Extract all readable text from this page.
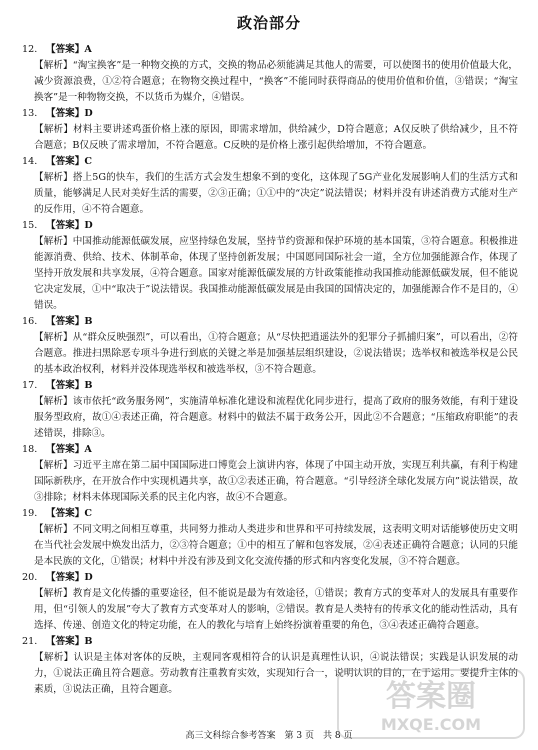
政治部分
12. 【答案】A
【解析】“淘宝换客”是一种物交换的方式，交换的物品必须能满足其他人的需要，可以使图书的使用价值最大化，减少资源浪费，①②符合题意；在物物交换过程中，“换客”不能同时获得商品的使用价值和价值，③错误；“淘宝换客”是一种物物交换，不以货币为媒介，④错误。
13. 【答案】D
【解析】材料主要讲述鸡蛋价格上涨的原因，即需求增加，供给减少，D符合题意；A仅反映了供给减少，且不符合题意；B仅反映了需求增加，不符合题意。C反映的是价格上涨引起供给增加，不符合题意。
14. 【答案】C
【解析】搭上5G的快车，我们的生活方式会发生想象不到的变化，这体现了5G产业化发展影响人们的生活方式和质量，能够满足人民对美好生活的需要，②③正确；①①中的“决定”说法错误；材料并没有讲述消费方式能对生产的反作用，④不符合题意。
15. 【答案】D
【解析】中国推动能源低碳发展，应坚持绿色发展，坚持节约资源和保护环境的基本国策，③符合题意。积极推进能源消费、供给、技术、体制革命，体现了坚持创新发展；中国愿同国际社会一道，全方位加强能源合作，体现了坚持开放发展和共享发展，④符合题意。国家对能源低碳发展的方针政策能推动我国推动能源低碳发展，但不能说它决定发展，①中“取决于”说法错误。我国推动能源低碳发展是由我国的国情决定的，加强能源合作不是目的，④错误。
16. 【答案】B
【解析】从“群众反映强烈”，可以看出，①符合题意；从“尽快把逍遥法外的犯罪分子抓捕归案”，可以看出，②符合题意。推进扫黑除恶专项斗争进行到底的关键之举是加强基层组织建设，②说法错误；选举权和被选举权是公民的基本政治权利，材料并没体现选举权和被选举权，③不符合题意。
17. 【答案】B
【解析】该市依托“政务服务网”，实施清单标准化建设和流程优化同步进行，提高了政府的服务效能，有利于建设服务型政府，故①④表述正确，符合题意。材料中的做法不属于政务公开，因此②不合题意；“压缩政府职能”的表述错误，排除③。
18. 【答案】A
【解析】习近平主席在第二届中国国际进口博览会上演讲内容，体现了中国主动开放，实现互利共赢，有利于构建国际新秩序，在开放合作中实现机遇共享，故①②表述正确，符合题意。“引导经济全球化发展方向”说法错误，故③排除；材料未体现国际关系的民主化内容，故④不合题意。
19. 【答案】C
【解析】不同文明之间相互尊重，共同努力推动人类进步和世界和平可持续发展，这表明文明对话能够使历史文明在当代社会发展中焕发出活力，②③符合题意；①中的相互了解和包容发展，②④表述正确符合题意；认同的只能是本民族的文化，①错误；材料中并没有涉及到文化交流传播的形式和内容变化发展，③不符合题意。
20. 【答案】D
【解析】教育是文化传播的重要途径，但不能说是最为有效途径，①错误；教育方式的变革对人的发展具有重要作用，但“引领人的发展”夸大了教育方式变革对人的影响，②错误。教育是人类特有的传承文化的能动性活动，具有选择、传递、创造文化的特定功能，在人的教化与培育上始终扮演着重要的角色，③④表述正确符合题意。
21. 【答案】B
【解析】认识是主体对客体的反映，主观同客观相符合的认识是真理性认识，④说法错误；实践是认识发展的动力，①说法正确且符合题意。劳动教育注重教育实效，实现知行合一，说明认识的目的，在于运用。要提升主体的素质，③说法正确，且符合题意。
高三文科综合参考答案　第 3 页　共 8 页
答案圈
MXQE.COM
